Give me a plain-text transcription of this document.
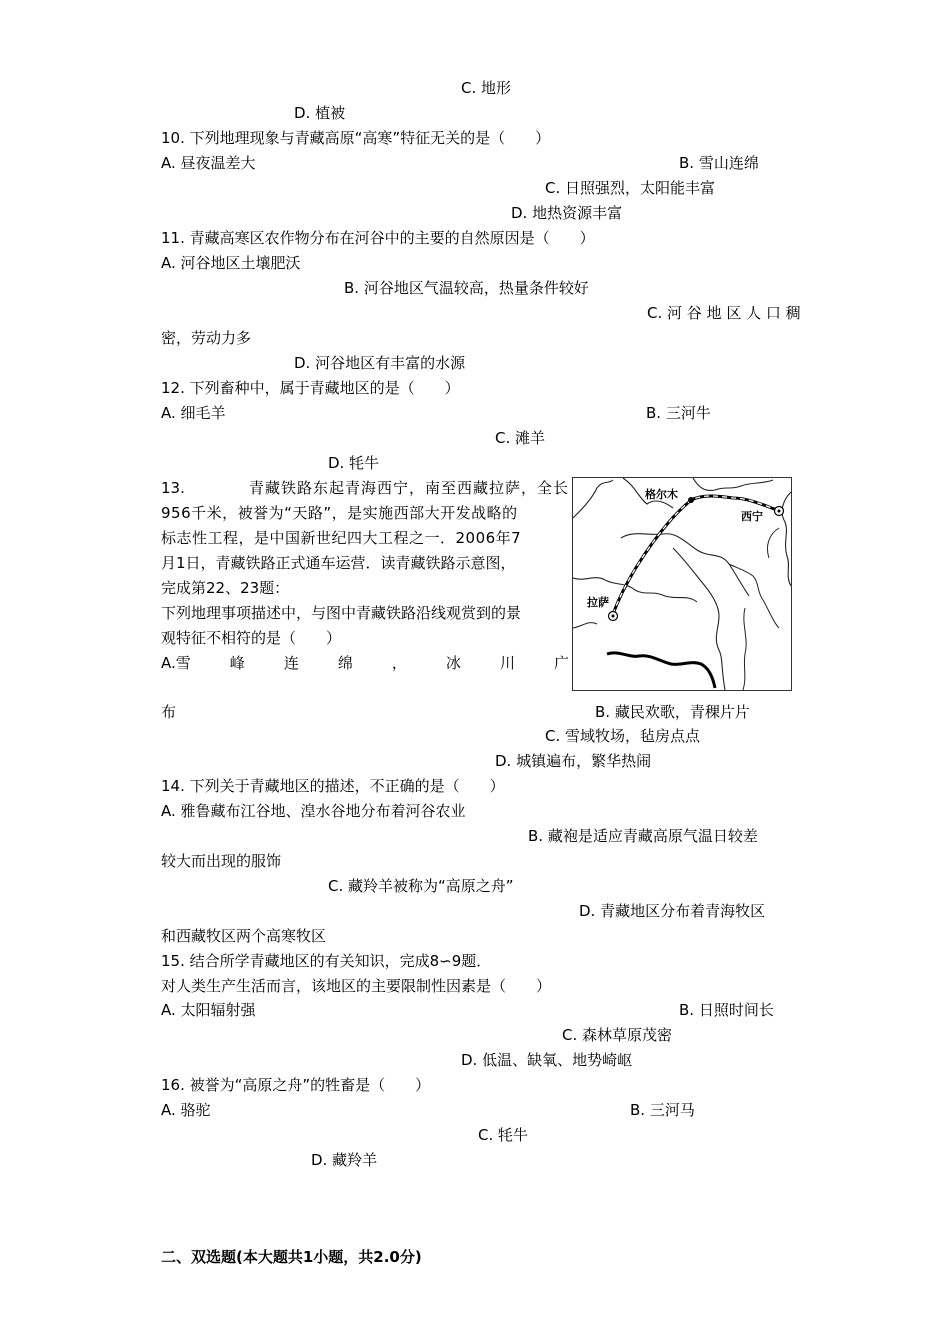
C. 地形
D. 植被
10. 下列地理现象与青藏高原“高寒”特征无关的是（　　）
A. 昼夜温差大	B. 雪山连绵
C. 日照强烈，太阳能丰富
D. 地热资源丰富
11. 青藏高寒区农作物分布在河谷中的主要的自然原因是（　　）
A. 河谷地区土壤肥沃
B. 河谷地区气温较高，热量条件较好
C. 河 谷 地 区 人 口 稠
密，劳动力多
D. 河谷地区有丰富的水源
12. 下列畜种中，属于青藏地区的是（　　）
A. 细毛羊	B. 三河牛
C. 滩羊
D. 牦牛
13.	青藏铁路东起青海西宁，南至西藏拉萨，全长
956千米，被誉为“天路”，是实施西部大开发战略的
标志性工程，是中国新世纪四大工程之一．2006年7
月1日，青藏铁路正式通车运营．读青藏铁路示意图，
完成第22、23题：
下列地理事项描述中，与图中青藏铁路沿线观赏到的景
观特征不相符的是（　　）
A.雪	峰	连	绵	，	冰	川	广
布	B. 藏民欢歌，青稞片片
C. 雪域牧场，毡房点点
D. 城镇遍布，繁华热闹
格尔木
西宁
拉萨
14. 下列关于青藏地区的描述，不正确的是（　　）
A. 雅鲁藏布江谷地、湟水谷地分布着河谷农业
B. 藏袍是适应青藏高原气温日较差
较大而出现的服饰
C. 藏羚羊被称为“高原之舟”
D. 青藏地区分布着青海牧区
和西藏牧区两个高寒牧区
15. 结合所学青藏地区的有关知识，完成8∽9题．
对人类生产生活而言，该地区的主要限制性因素是（　　）
A. 太阳辐射强	B. 日照时间长
C. 森林草原茂密
D. 低温、缺氧、地势崎岖
16. 被誉为“高原之舟”的牲畜是（　　）
A. 骆驼	B. 三河马
C. 牦牛
D. 藏羚羊
二、双选题(本大题共1小题，共2.0分)
